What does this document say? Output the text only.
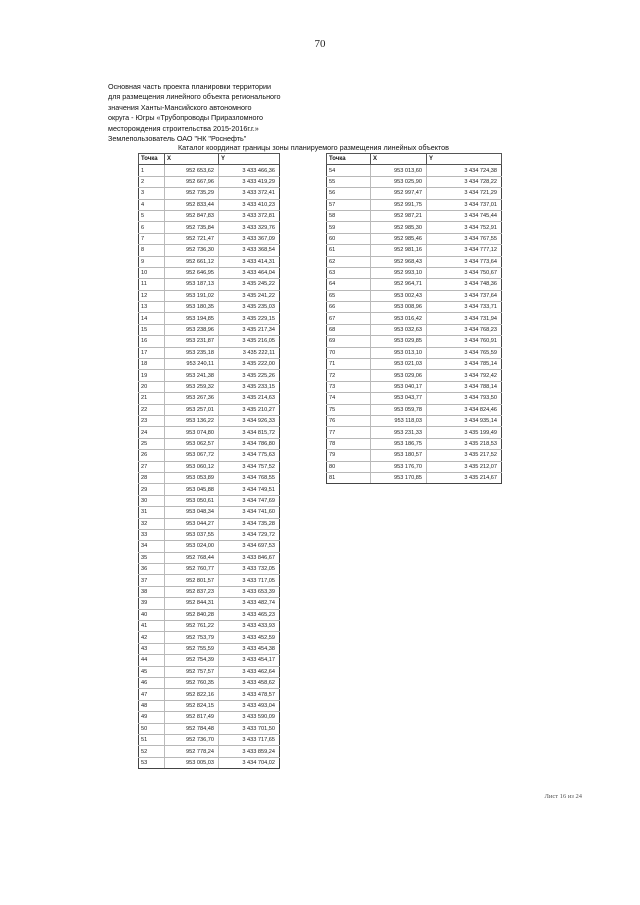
70
Основная часть проекта планировки территории
для размещения линейного объекта регионального
значения Ханты-Мансийского автономного
округа - Югры «Трубопроводы Приразломного
месторождения строительства 2015-2016г.г.»
Землепользователь ОАО "НК "Роснефть"
Каталог координат границы зоны планируемого размещения линейных объектов
Точка	X	Y
1	952 653,62	3 433 466,36
2	952 667,96	3 433 419,29
3	952 735,29	3 433 372,41
4	952 833,44	3 433 410,23
5	952 847,83	3 433 372,81
6	952 735,84	3 433 329,76
7	952 721,47	3 433 367,09
8	952 736,30	3 433 368,54
9	952 661,12	3 433 414,31
10	952 646,95	3 433 464,04
11	953 187,13	3 435 245,22
12	953 191,02	3 435 241,22
13	953 180,35	3 435 235,03
14	953 194,85	3 435 229,15
15	953 238,96	3 435 217,34
16	953 231,87	3 435 216,05
17	953 235,18	3 435 222,11
18	953 240,11	3 435 222,00
19	953 241,38	3 435 225,26
20	953 259,32	3 435 233,15
21	953 267,36	3 435 214,63
22	953 257,01	3 435 210,27
23	953 136,22	3 434 926,33
24	953 074,80	3 434 815,72
25	953 062,57	3 434 786,80
26	953 067,72	3 434 775,63
27	953 060,12	3 434 757,52
28	953 053,89	3 434 768,55
29	953 045,88	3 434 749,51
30	953 050,61	3 434 747,69
31	953 048,34	3 434 741,60
32	953 044,27	3 434 735,28
33	953 037,55	3 434 729,72
34	953 024,00	3 434 697,53
35	952 768,44	3 433 846,67
36	952 760,77	3 433 732,05
37	952 801,57	3 433 717,05
38	952 837,23	3 433 653,39
39	952 844,31	3 433 482,74
40	952 840,28	3 433 465,23
41	952 761,22	3 433 433,93
42	952 753,79	3 433 452,59
43	952 755,59	3 433 454,38
44	952 754,39	3 433 454,17
45	952 757,57	3 433 462,64
46	952 760,35	3 433 458,62
47	952 822,16	3 433 478,57
48	952 824,15	3 433 493,04
49	952 817,49	3 433 590,09
50	952 784,48	3 433 701,50
51	952 736,70	3 433 717,65
52	952 778,24	3 433 859,24
53	953 005,03	3 434 704,02
Точка	X	Y
54	953 013,60	3 434 724,38
55	953 025,90	3 434 728,22
56	952 997,47	3 434 721,29
57	952 991,75	3 434 737,01
58	952 987,21	3 434 745,44
59	952 985,30	3 434 752,91
60	952 985,46	3 434 767,55
61	952 981,16	3 434 777,12
62	952 968,43	3 434 773,64
63	952 993,10	3 434 750,67
64	952 964,71	3 434 748,36
65	953 002,43	3 434 737,64
66	953 008,96	3 434 733,71
67	953 016,42	3 434 731,94
68	953 032,63	3 434 768,23
69	953 029,85	3 434 760,91
70	953 013,10	3 434 765,59
71	953 021,03	3 434 785,14
72	953 029,06	3 434 792,42
73	953 040,17	3 434 788,14
74	953 043,77	3 434 793,50
75	953 059,78	3 434 824,46
76	953 118,03	3 434 935,14
77	953 231,33	3 435 199,49
78	953 186,75	3 435 218,53
79	953 180,57	3 435 217,52
80	953 176,70	3 435 212,07
81	953 170,85	3 435 214,67
Лист 16 из 24
